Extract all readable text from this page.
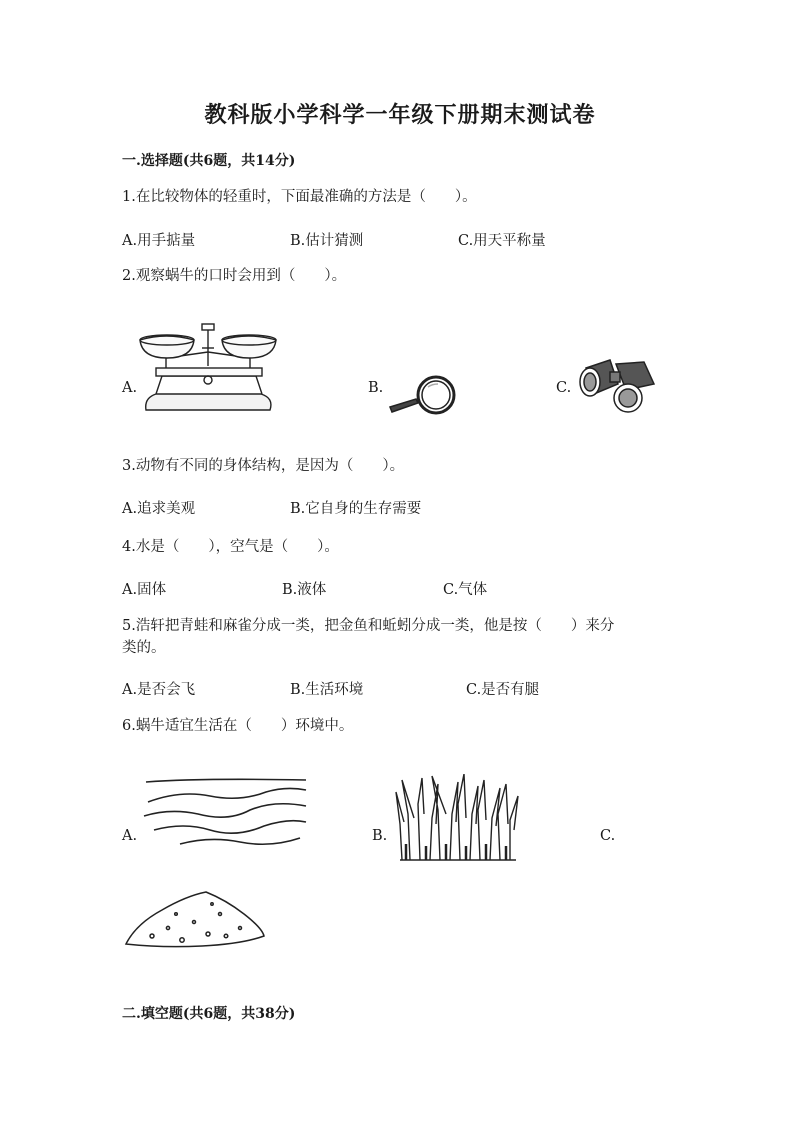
教科版小学科学一年级下册期末测试卷
一.选择题(共6题，共14分)
1.在比较物体的轻重时，下面最准确的方法是（　　）。
A.用手掂量	B.估计猜测	C.用天平称量
2.观察蜗牛的口时会用到（　　）。
A.	B.	C.
3.动物有不同的身体结构，是因为（　　）。
A.追求美观	B.它自身的生存需要
4.水是（　　），空气是（　　）。
A.固体	B.液体	C.气体
5.浩轩把青蛙和麻雀分成一类，把金鱼和蚯蚓分成一类，他是按（　　）来分
类的。
A.是否会飞	B.生活环境	C.是否有腿
6.蜗牛适宜生活在（　　）环境中。
A.	B.	C.
二.填空题(共6题，共38分)
